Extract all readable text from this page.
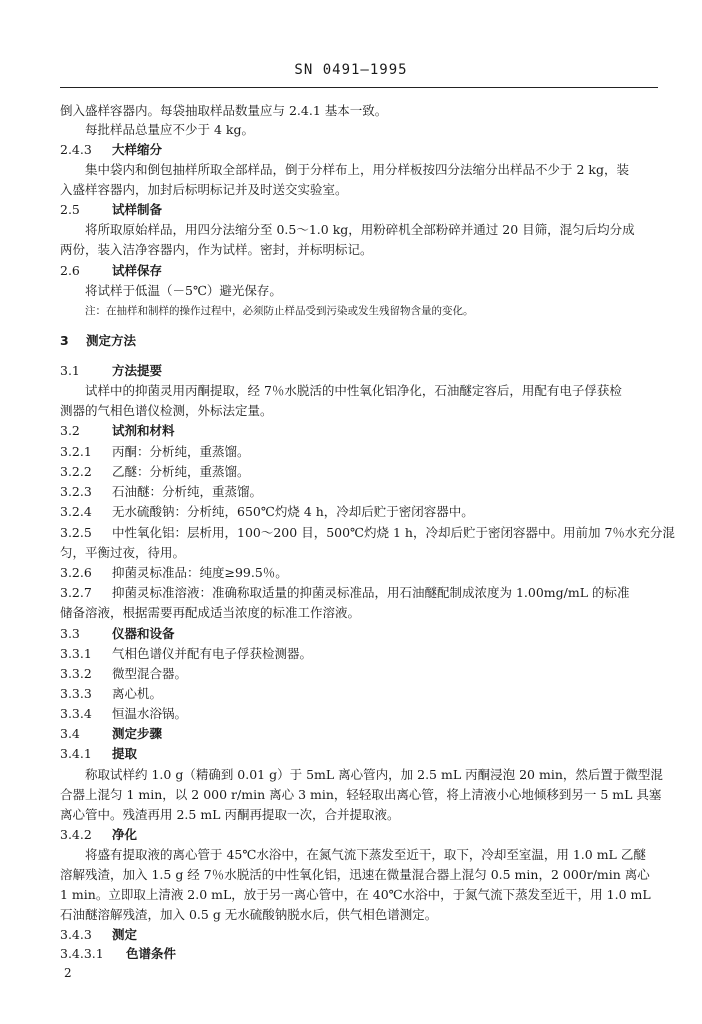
SN 0491—1995
倒入盛样容器内。每袋抽取样品数量应与 2.4.1 基本一致。
每批样品总量应不少于 4 kg。
2.4.3 大样缩分
集中袋内和倒包抽样所取全部样品，倒于分样布上，用分样板按四分法缩分出样品不少于 2 kg，装
入盛样容器内，加封后标明标记并及时送交实验室。
2.5	试样制备
将所取原始样品，用四分法缩分至 0.5～1.0 kg，用粉碎机全部粉碎并通过 20 目筛，混匀后均分成
两份，装入洁净容器内，作为试样。密封，并标明标记。
2.6	试样保存
将试样于低温（－5℃）避光保存。
注：在抽样和制样的操作过程中，必须防止样品受到污染或发生残留物含量的变化。
3 测定方法
3.1	方法提要
试样中的抑菌灵用丙酮提取，经 7％水脱活的中性氧化铝净化，石油醚定容后，用配有电子俘获检
测器的气相色谱仪检测，外标法定量。
3.2	试剂和材料
3.2.1 丙酮：分析纯，重蒸馏。
3.2.2 乙醚：分析纯，重蒸馏。
3.2.3 石油醚：分析纯，重蒸馏。
3.2.4 无水硫酸钠：分析纯，650℃灼烧 4 h，冷却后贮于密闭容器中。
3.2.5 中性氧化铝：层析用，100～200 目，500℃灼烧 1 h，冷却后贮于密闭容器中。用前加 7％水充分混
匀，平衡过夜，待用。
3.2.6 抑菌灵标准品：纯度≥99.5％。
3.2.7 抑菌灵标准溶液：准确称取适量的抑菌灵标准品，用石油醚配制成浓度为 1.00mg/mL 的标准
储备溶液，根据需要再配成适当浓度的标准工作溶液。
3.3	仪器和设备
3.3.1 气相色谱仪并配有电子俘获检测器。
3.3.2 微型混合器。
3.3.3 离心机。
3.3.4 恒温水浴锅。
3.4	测定步骤
3.4.1 提取
称取试样约 1.0 g（精确到 0.01 g）于 5mL 离心管内，加 2.5 mL 丙酮浸泡 20 min，然后置于微型混
合器上混匀 1 min，以 2 000 r/min 离心 3 min，轻轻取出离心管，将上清液小心地倾移到另一 5 mL 具塞
离心管中。残渣再用 2.5 mL 丙酮再提取一次，合并提取液。
3.4.2 净化
将盛有提取液的离心管于 45℃水浴中，在氮气流下蒸发至近干，取下，冷却至室温，用 1.0 mL 乙醚
溶解残渣，加入 1.5 g 经 7％水脱活的中性氧化铝，迅速在微量混合器上混匀 0.5 min，2 000r/min 离心
1 min。立即取上清液 2.0 mL，放于另一离心管中，在 40℃水浴中，于氮气流下蒸发至近干，用 1.0 mL
石油醚溶解残渣，加入 0.5 g 无水硫酸钠脱水后，供气相色谱测定。
3.4.3 测定
3.4.3.1 色谱条件
2
